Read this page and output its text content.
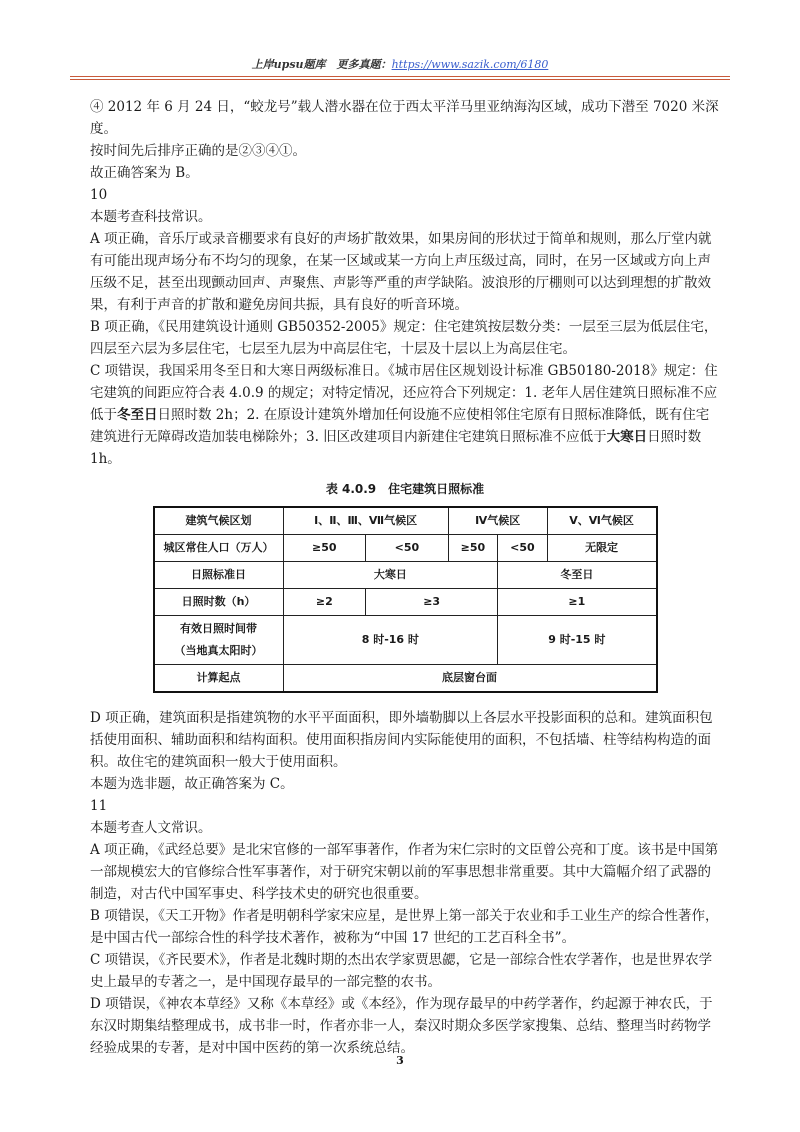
上岸upsu题库　更多真题：https://www.sazik.com/6180

④ 2012 年 6 月 24 日，“蛟龙号”载人潜水器在位于西太平洋马里亚纳海沟区域，成功下潜至 7020 米深度。

按时间先后排序正确的是②③④①。

故正确答案为 B。

10

本题考查科技常识。

A 项正确，音乐厅或录音棚要求有良好的声场扩散效果，如果房间的形状过于简单和规则，那么厅堂内就有可能出现声场分布不均匀的现象，在某一区域或某一方向上声压级过高，同时，在另一区域或方向上声压级不足，甚至出现颤动回声、声聚焦、声影等严重的声学缺陷。波浪形的厅棚则可以达到理想的扩散效果，有利于声音的扩散和避免房间共振，具有良好的听音环境。

B 项正确，《民用建筑设计通则 GB50352-2005》规定：住宅建筑按层数分类：一层至三层为低层住宅，四层至六层为多层住宅，七层至九层为中高层住宅，十层及十层以上为高层住宅。

C 项错误，我国采用冬至日和大寒日两级标准日。《城市居住区规划设计标准 GB50180-2018》规定：住宅建筑的间距应符合表 4.0.9 的规定；对特定情况，还应符合下列规定：1. 老年人居住建筑日照标准不应低于冬至日日照时数 2h；2. 在原设计建筑外增加任何设施不应使相邻住宅原有日照标准降低，既有住宅建筑进行无障碍改造加装电梯除外；3. 旧区改建项目内新建住宅建筑日照标准不应低于大寒日日照时数 1h。

表 4.0.9　住宅建筑日照标准
建筑气候区划	Ⅰ、Ⅱ、Ⅲ、Ⅶ气候区		Ⅳ气候区		Ⅴ、Ⅵ气候区
城区常住人口（万人）	≥50	<50	≥50	<50	无限定
日照标准日	大寒日			冬至日	
日照时数（h）	≥2	≥3		≥1	
有效日照时间带
（当地真太阳时）	8 时-16 时			9 时-15 时	
计算起点	底层窗台面				

D 项正确，建筑面积是指建筑物的水平平面面积，即外墙勒脚以上各层水平投影面积的总和。建筑面积包括使用面积、辅助面积和结构面积。使用面积指房间内实际能使用的面积，不包括墙、柱等结构构造的面积。故住宅的建筑面积一般大于使用面积。

本题为选非题，故正确答案为 C。

11

本题考查人文常识。

A 项正确，《武经总要》是北宋官修的一部军事著作，作者为宋仁宗时的文臣曾公亮和丁度。该书是中国第一部规模宏大的官修综合性军事著作，对于研究宋朝以前的军事思想非常重要。其中大篇幅介绍了武器的制造，对古代中国军事史、科学技术史的研究也很重要。

B 项错误，《天工开物》作者是明朝科学家宋应星，是世界上第一部关于农业和手工业生产的综合性著作，是中国古代一部综合性的科学技术著作，被称为“中国 17 世纪的工艺百科全书”。

C 项错误，《齐民要术》，作者是北魏时期的杰出农学家贾思勰，它是一部综合性农学著作，也是世界农学史上最早的专著之一，是中国现存最早的一部完整的农书。

D 项错误，《神农本草经》又称《本草经》或《本经》，作为现存最早的中药学著作，约起源于神农氏，于东汉时期集结整理成书，成书非一时，作者亦非一人，秦汉时期众多医学家搜集、总结、整理当时药物学经验成果的专著，是对中国中医药的第一次系统总结。

3
